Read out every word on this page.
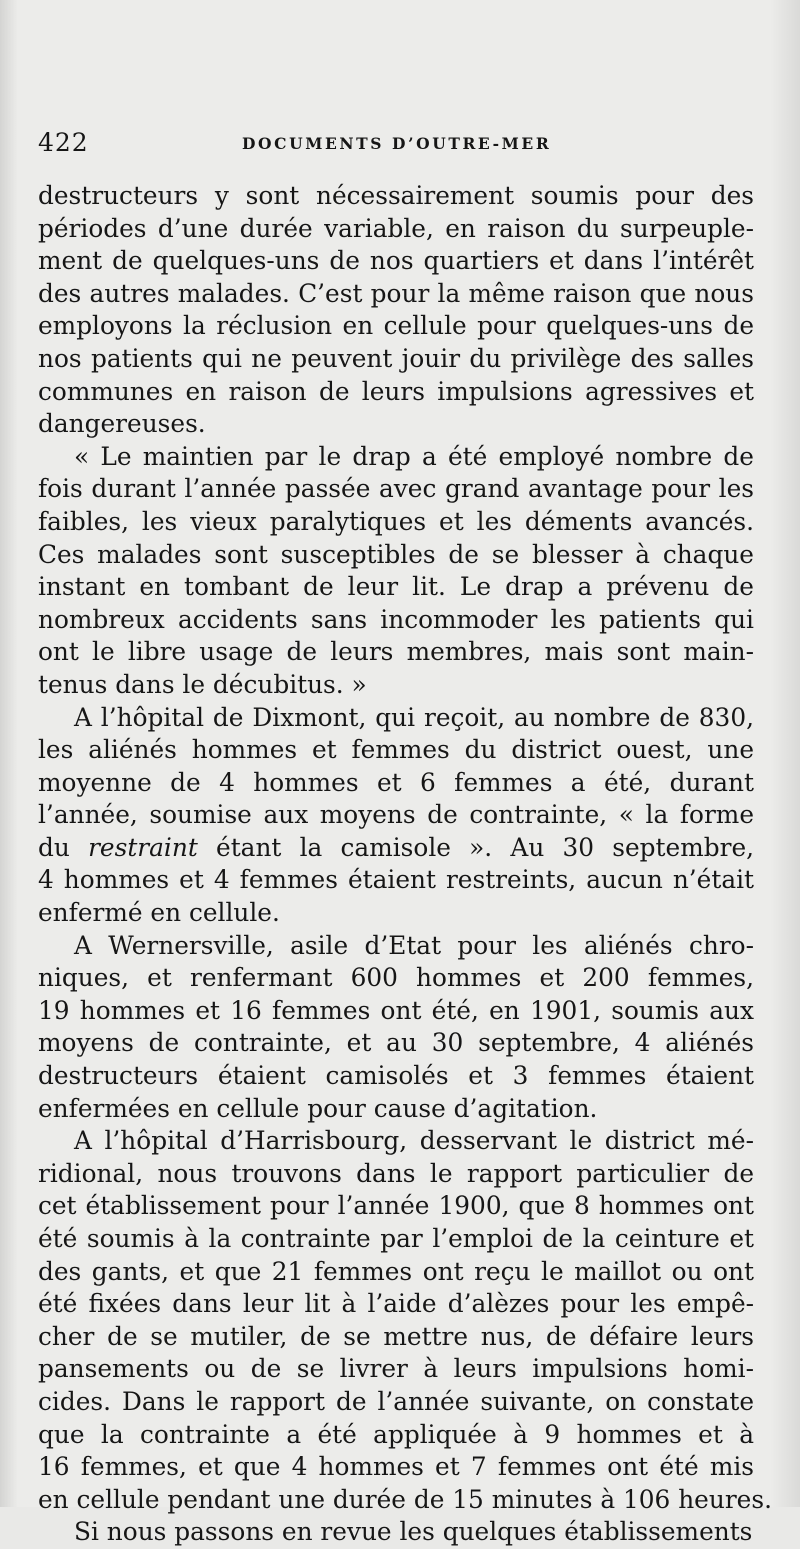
422	DOCUMENTS D’OUTRE-MER
destructeurs y sont nécessairement soumis pour des
périodes d’une durée variable, en raison du surpeuple-
ment de quelques-uns de nos quartiers et dans l’intérêt
des autres malades. C’est pour la même raison que nous
employons la réclusion en cellule pour quelques-uns de
nos patients qui ne peuvent jouir du privilège des salles
communes en raison de leurs impulsions agressives et
dangereuses.
« Le maintien par le drap a été employé nombre de
fois durant l’année passée avec grand avantage pour les
faibles, les vieux paralytiques et les déments avancés.
Ces malades sont susceptibles de se blesser à chaque
instant en tombant de leur lit. Le drap a prévenu de
nombreux accidents sans incommoder les patients qui
ont le libre usage de leurs membres, mais sont main-
tenus dans le décubitus. »
A l’hôpital de Dixmont, qui reçoit, au nombre de 830,
les aliénés hommes et femmes du district ouest, une
moyenne de 4 hommes et 6 femmes a été, durant
l’année, soumise aux moyens de contrainte, « la forme
du restraint étant la camisole ». Au 30 septembre,
4 hommes et 4 femmes étaient restreints, aucun n’était
enfermé en cellule.
A Wernersville, asile d’Etat pour les aliénés chro-
niques, et renfermant 600 hommes et 200 femmes,
19 hommes et 16 femmes ont été, en 1901, soumis aux
moyens de contrainte, et au 30 septembre, 4 aliénés
destructeurs étaient camisolés et 3 femmes étaient
enfermées en cellule pour cause d’agitation.
A l’hôpital d’Harrisbourg, desservant le district mé-
ridional, nous trouvons dans le rapport particulier de
cet établissement pour l’année 1900, que 8 hommes ont
été soumis à la contrainte par l’emploi de la ceinture et
des gants, et que 21 femmes ont reçu le maillot ou ont
été fixées dans leur lit à l’aide d’alèzes pour les empê-
cher de se mutiler, de se mettre nus, de défaire leurs
pansements ou de se livrer à leurs impulsions homi-
cides. Dans le rapport de l’année suivante, on constate
que la contrainte a été appliquée à 9 hommes et à
16 femmes, et que 4 hommes et 7 femmes ont été mis
en cellule pendant une durée de 15 minutes à 106 heures.
Si nous passons en revue les quelques établissements
